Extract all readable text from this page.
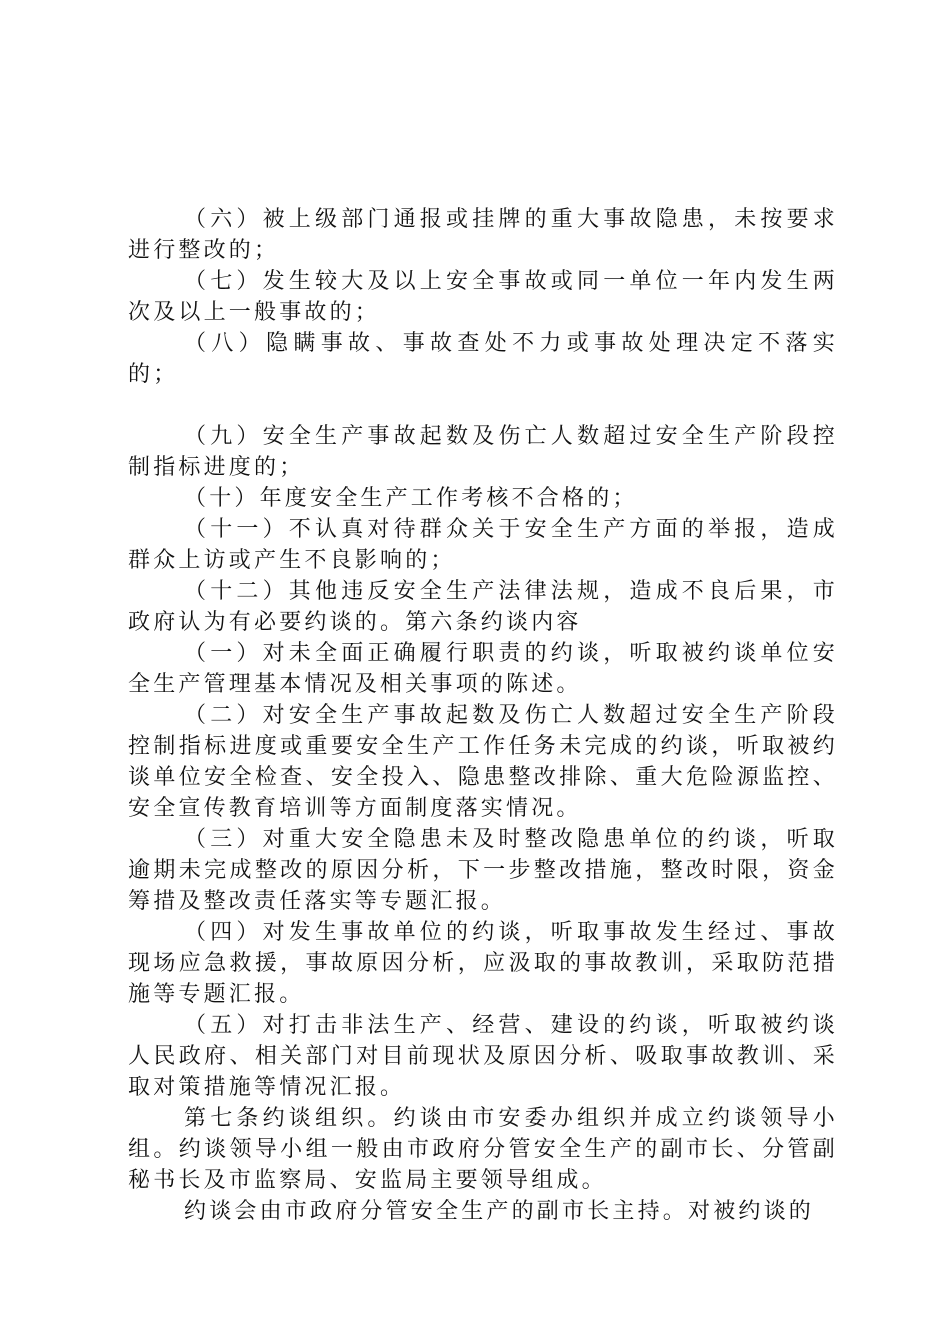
（六）被上级部门通报或挂牌的重大事故隐患，未按要求进行整改的；

（七）发生较大及以上安全事故或同一单位一年内发生两次及以上一般事故的；

（八）隐瞒事故、事故查处不力或事故处理决定不落实的；

（九）安全生产事故起数及伤亡人数超过安全生产阶段控制指标进度的；

（十）年度安全生产工作考核不合格的；

（十一）不认真对待群众关于安全生产方面的举报，造成群众上访或产生不良影响的；

（十二）其他违反安全生产法律法规，造成不良后果，市政府认为有必要约谈的。第六条约谈内容

（一）对未全面正确履行职责的约谈，听取被约谈单位安全生产管理基本情况及相关事项的陈述。

（二）对安全生产事故起数及伤亡人数超过安全生产阶段控制指标进度或重要安全生产工作任务未完成的约谈，听取被约谈单位安全检查、安全投入、隐患整改排除、重大危险源监控、安全宣传教育培训等方面制度落实情况。

（三）对重大安全隐患未及时整改隐患单位的约谈，听取逾期未完成整改的原因分析，下一步整改措施，整改时限，资金筹措及整改责任落实等专题汇报。

（四）对发生事故单位的约谈，听取事故发生经过、事故现场应急救援，事故原因分析，应汲取的事故教训，采取防范措施等专题汇报。

（五）对打击非法生产、经营、建设的约谈，听取被约谈人民政府、相关部门对目前现状及原因分析、吸取事故教训、采取对策措施等情况汇报。

第七条约谈组织。约谈由市安委办组织并成立约谈领导小组。约谈领导小组一般由市政府分管安全生产的副市长、分管副秘书长及市监察局、安监局主要领导组成。

约谈会由市政府分管安全生产的副市长主持。对被约谈的
